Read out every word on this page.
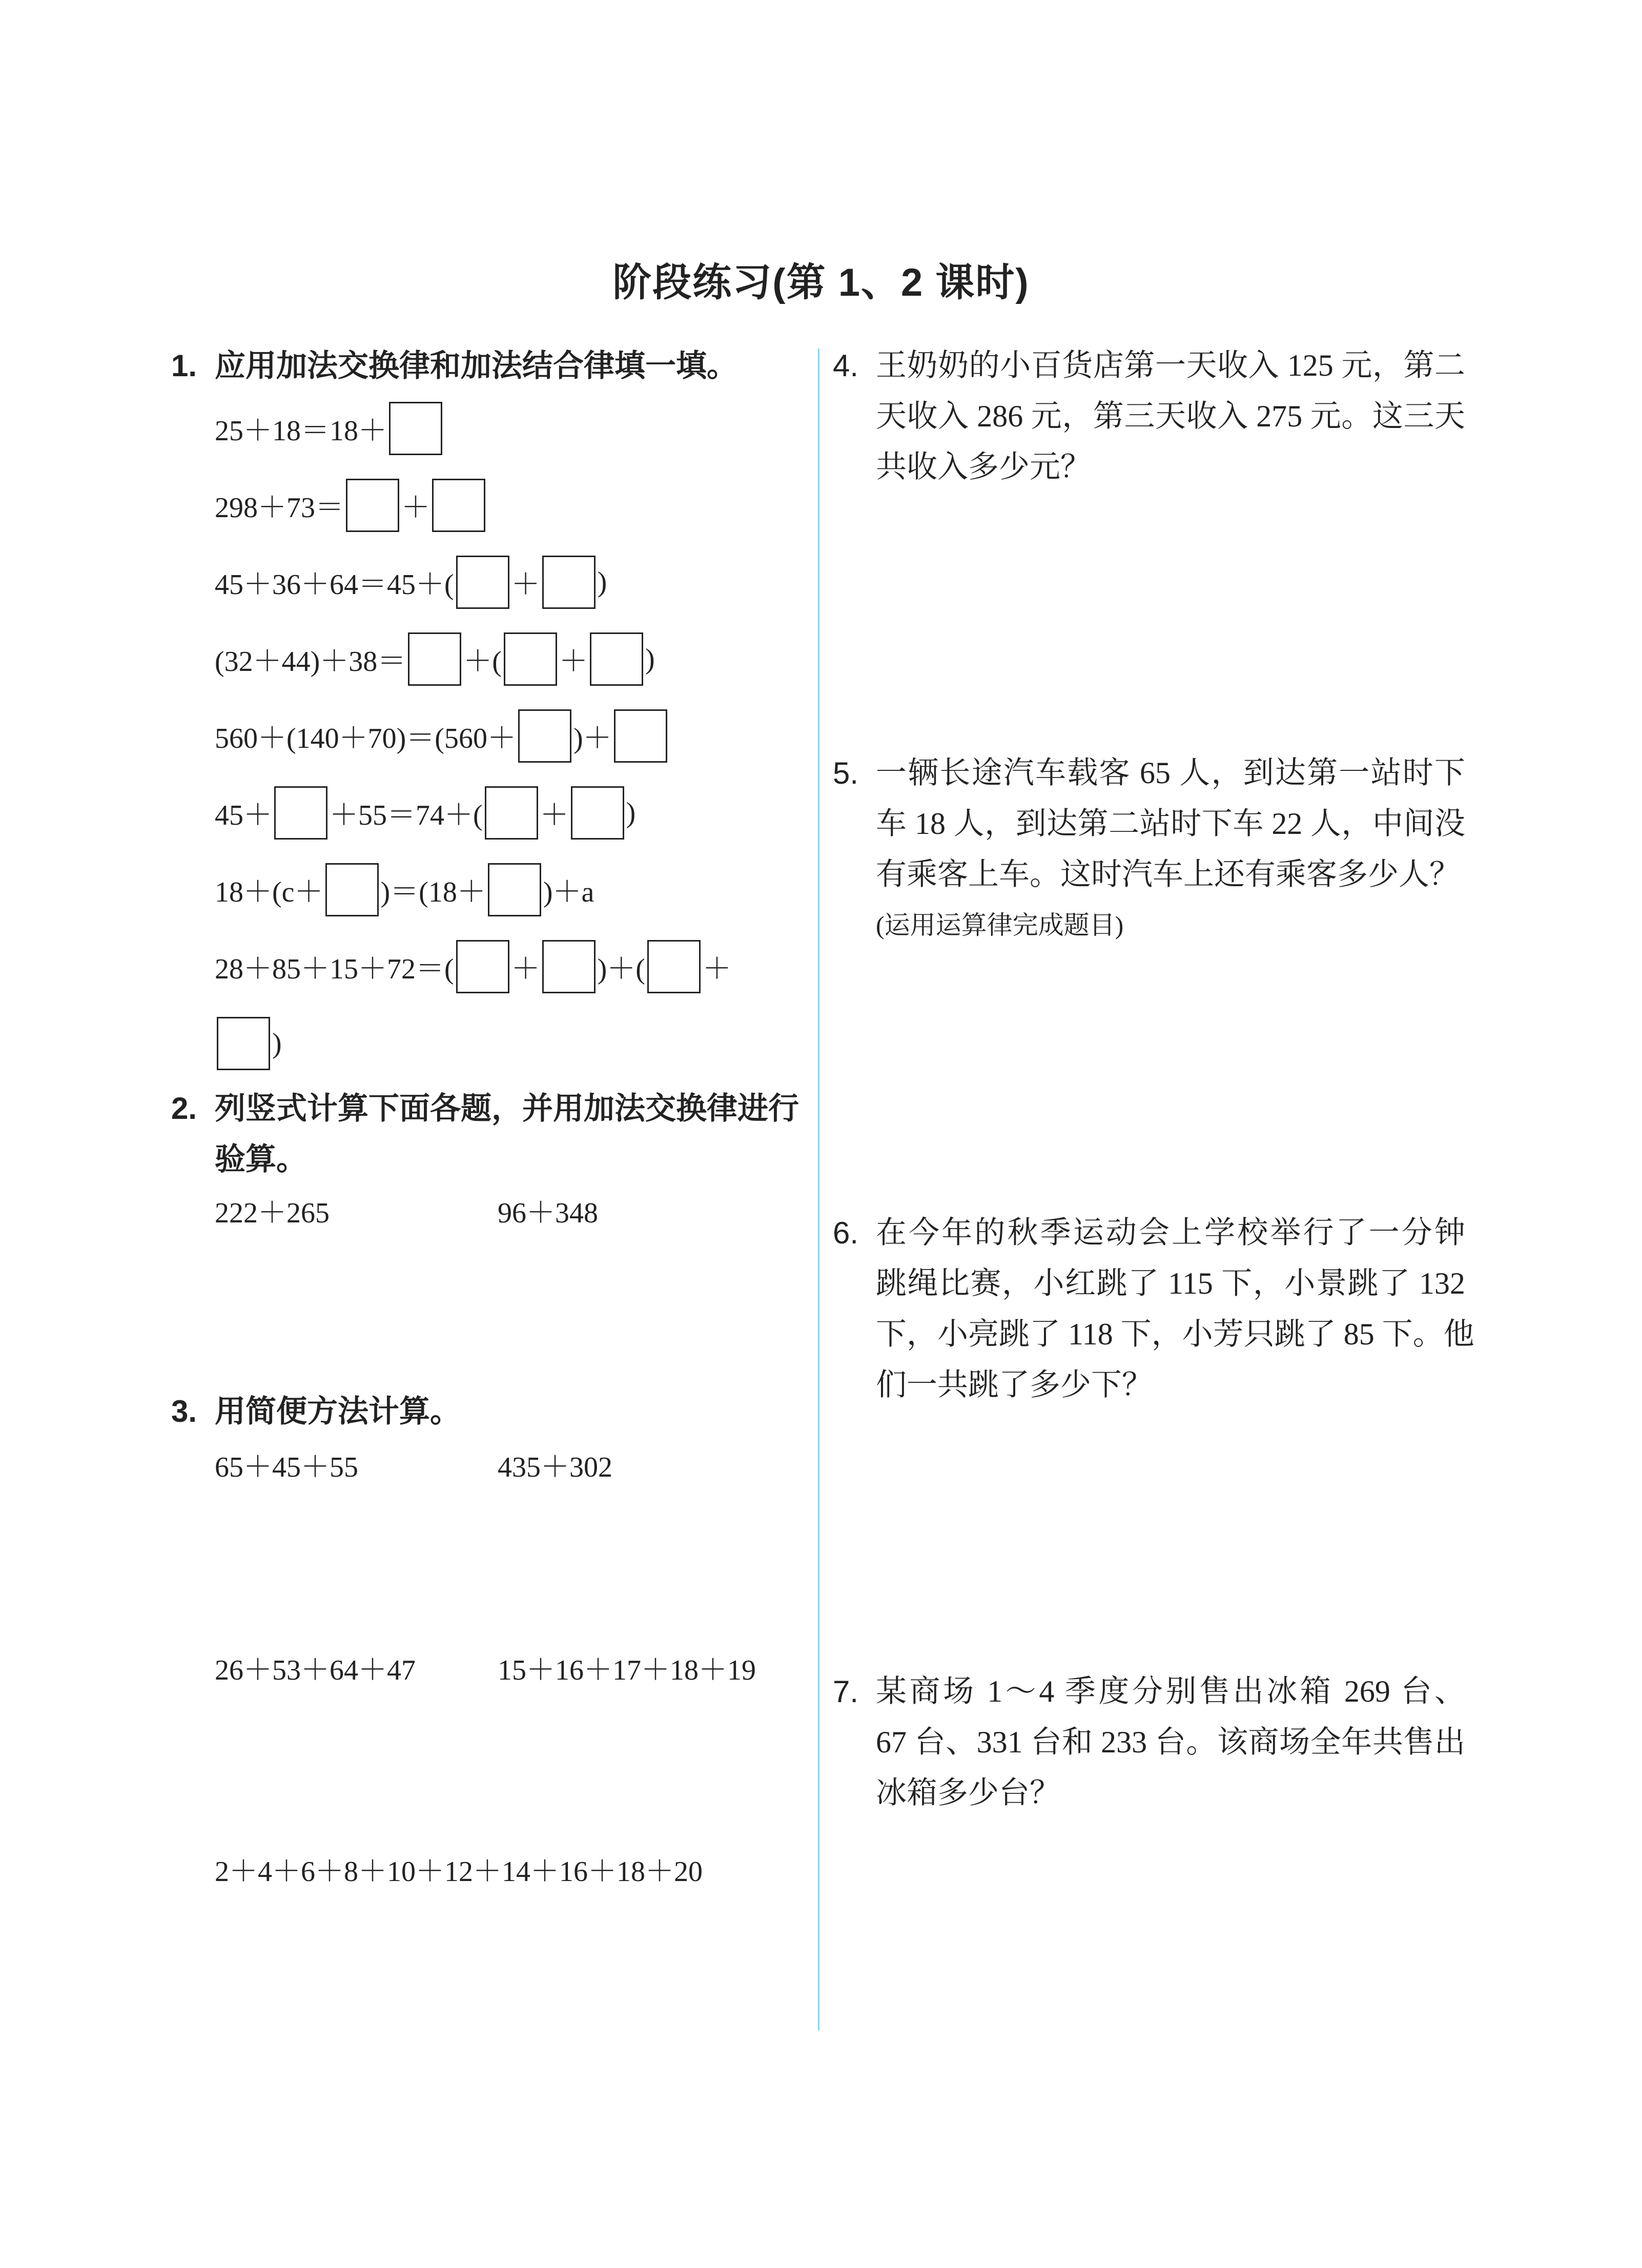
阶段练习(第 1、2 课时)
1. 应用加法交换律和加法结合律填一填。
25＋18＝18＋
298＋73＝ ＋
45＋36＋64＝45＋( ＋ )
(32＋44)＋38＝ ＋( ＋ )
560＋(140＋70)＝(560＋ )＋
45＋ ＋55＝74＋( ＋ )
18＋(c＋ )＝(18＋ )＋a
28＋85＋15＋72＝( ＋ )＋( ＋
)
2. 列竖式计算下面各题，并用加法交换律进行
验算。
222＋265	96＋348
3. 用简便方法计算。
65＋45＋55	435＋302
26＋53＋64＋47	15＋16＋17＋18＋19
2＋4＋6＋8＋10＋12＋14＋16＋18＋20
4. 王奶奶的小百货店第一天收入 125 元，第二
天收入 286 元，第三天收入 275 元。这三天
共收入多少元？
5. 一辆长途汽车载客 65 人，到达第一站时下
车 18 人，到达第二站时下车 22 人，中间没
有乘客上车。这时汽车上还有乘客多少人？
(运用运算律完成题目)
6. 在今年的秋季运动会上学校举行了一分钟
跳绳比赛，小红跳了 115 下，小景跳了 132
下，小亮跳了 118 下，小芳只跳了 85 下。他
们一共跳了多少下？
7. 某商场 1～4 季度分别售出冰箱 269 台、
67 台、331 台和 233 台。该商场全年共售出
冰箱多少台？
